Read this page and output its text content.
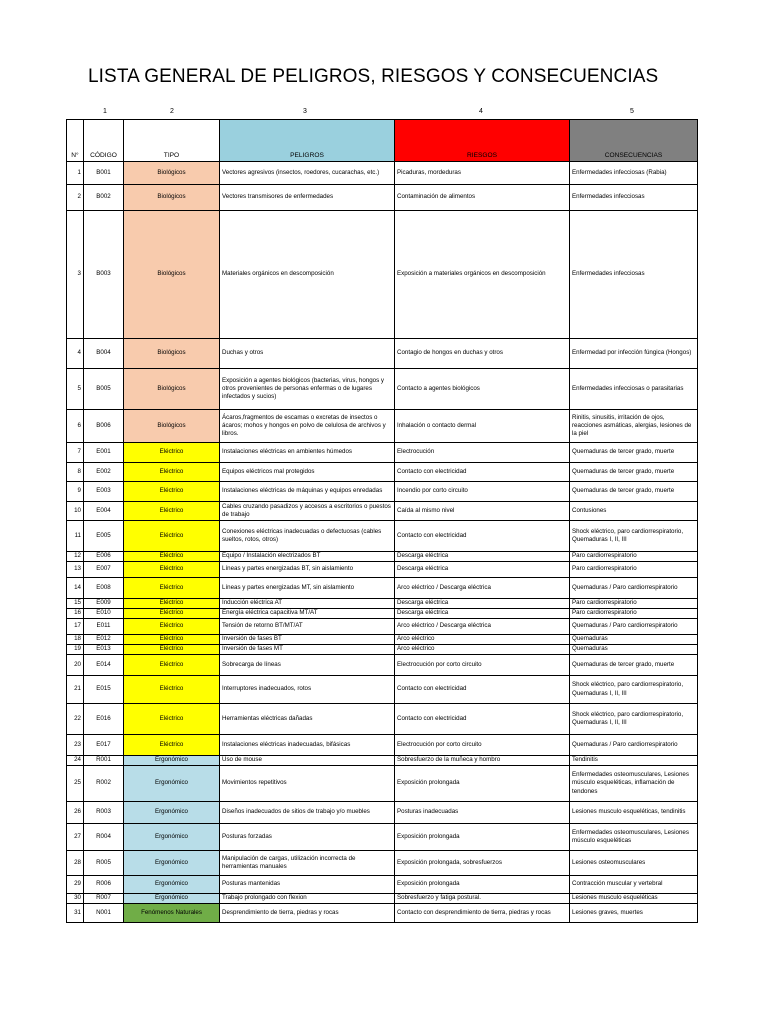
LISTA GENERAL DE PELIGROS, RIESGOS Y CONSECUENCIAS
1	2	3	4	5
N°	CÓDIGO	TIPO	PELIGROS	RIESGOS	CONSECUENCIAS
1	B001	Biológicos	Vectores agresivos (insectos, roedores, cucarachas, etc.)	Picaduras, mordeduras	Enfermedades infecciosas (Rabia)
2	B002	Biológicos	Vectores transmisores de enfermedades	Contaminación de alimentos	Enfermedades infecciosas
3	B003	Biológicos	Materiales orgánicos en descomposición	Exposición a materiales orgánicos en descomposición	Enfermedades infecciosas
4	B004	Biológicos	Duchas y otros	Contagio de hongos en duchas y otros	Enfermedad por infección fúngica (Hongos)
5	B005	Biológicos	Exposición a agentes biológicos (bacterias, virus, hongos y otros provenientes de personas enfermas o de lugares infectados y sucios)	Contacto a agentes biológicos	Enfermedades infecciosas o parasitarias
6	B006	Biológicos	Ácaros,fragmentos de escamas o excretas de insectos o ácaros; mohos y hongos en polvo de celulosa de archivos y libros.	Inhalación o contacto dermal	Rinitis, sinusitis, irritación de ojos, reacciones asmáticas, alergias, lesiones de la piel
7	E001	Eléctrico	Instalaciones eléctricas en ambientes húmedos	Electrocución	Quemaduras de tercer grado, muerte
8	E002	Eléctrico	Equipos eléctricos mal protegidos	Contacto con electricidad	Quemaduras de tercer grado, muerte
9	E003	Eléctrico	Instalaciones eléctricas de máquinas y equipos enredadas	Incendio por corto circuito	Quemaduras de tercer grado, muerte
10	E004	Eléctrico	Cables cruzando pasadizos y accesos a escritorios o puestos de trabajo	Caída al mismo nivel	Contusiones
11	E005	Eléctrico	Conexiones eléctricas inadecuadas o defectuosas (cables sueltos, rotos, otros)	Contacto con electricidad	Shock eléctrico, paro cardiorrespiratorio, Quemaduras I, II, III
12	E006	Eléctrico	Equipo / Instalación electrizados BT	Descarga eléctrica	Paro cardiorrespiratorio
13	E007	Eléctrico	Líneas y partes energizadas BT, sin aislamiento	Descarga eléctrica	Paro cardiorrespiratorio
14	E008	Eléctrico	Líneas y partes energizadas MT, sin aislamiento	Arco eléctrico / Descarga eléctrica	Quemaduras / Paro cardiorrespiratorio
15	E009	Eléctrico	Inducción eléctrica AT	Descarga eléctrica	Paro cardiorrespiratorio
16	E010	Eléctrico	Energía eléctrica capacitiva MT/AT	Descarga eléctrica	Paro cardiorrespiratorio
17	E011	Eléctrico	Tensión de retorno BT/MT/AT	Arco eléctrico / Descarga eléctrica	Quemaduras / Paro cardiorrespiratorio
18	E012	Eléctrico	Inversión de fases BT	Arco eléctrico	Quemaduras
19	E013	Eléctrico	Inversión de fases MT	Arco eléctrico	Quemaduras
20	E014	Eléctrico	Sobrecarga de líneas	Electrocución por corto circuito	Quemaduras de tercer grado, muerte
21	E015	Eléctrico	Interruptores inadecuados, rotos	Contacto con electricidad	Shock eléctrico, paro cardiorrespiratorio, Quemaduras I, II, III
22	E016	Eléctrico	Herramientas eléctricas dañadas	Contacto con electricidad	Shock eléctrico, paro cardiorrespiratorio, Quemaduras I, II, III
23	E017	Eléctrico	Instalaciones eléctricas inadecuadas, bifásicas	Electrocución por corto circuito	Quemaduras / Paro cardiorrespiratorio
24	R001	Ergonómico	Uso de mouse	Sobresfuerzo de la muñeca y hombro	Tendinitis
25	R002	Ergonómico	Movimientos repetitivos	Exposición prolongada	Enfermedades osteomusculares, Lesiones músculo esqueléticas, inflamación de tendones
26	R003	Ergonómico	Diseños inadecuados de sitios de trabajo y/o muebles	Posturas inadecuadas	Lesiones musculo esqueléticas, tendinitis
27	R004	Ergonómico	Posturas forzadas	Exposición prolongada	Enfermedades osteomusculares, Lesiones músculo esqueléticas
28	R005	Ergonómico	Manipulación de cargas, utilización incorrecta de herramientas manuales	Exposición prolongada, sobresfuerzos	Lesiones osteomusculares
29	R006	Ergonómico	Posturas mantenidas	Exposición prolongada	Contracción muscular y vertebral
30	R007	Ergonómico	Trabajo prolongado con flexion	Sobresfuerzo y fatiga postural.	Lesiones musculo esqueléticas
31	N001	Fenómenos Naturales	Desprendimiento de tierra, piedras y rocas	Contacto con desprendimiento de tierra, piedras y rocas	Lesiones graves, muertes
